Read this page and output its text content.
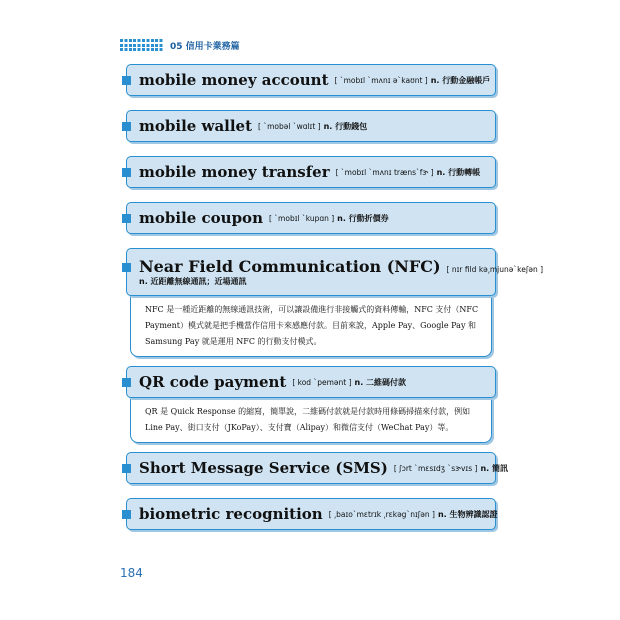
05 信用卡業務篇
mobile money account [ ˋmobɪl ˋmʌnɪ əˋkaʊnt ] n. 行動金融帳戶
mobile wallet [ ˋmobəl ˋwɑlɪt ] n. 行動錢包
mobile money transfer [ ˋmobɪl ˋmʌnɪ trænsˋfɝ ] n. 行動轉帳
mobile coupon [ ˋmobɪl ˋkupɑn ] n. 行動折價券
Near Field Communication (NFC) [ nɪr fild kə͵mjunəˋkeʃən ]
n. 近距離無線通訊；近場通訊
NFC 是一種近距離的無線通訊技術，可以讓設備進行非接觸式的資料傳輸，NFC 支付（NFC Payment）模式就是把手機當作信用卡來感應付款。目前來說，Apple Pay、Google Pay 和 Samsung Pay 就是運用 NFC 的行動支付模式。
QR code payment [ kod ˋpemənt ] n. 二維碼付款
QR 是 Quick Response 的縮寫，簡單說，二維碼付款就是付款時用條碼掃描來付款，例如 Line Pay、街口支付（JKoPay）、支付寶（Alipay）和微信支付（WeChat Pay）等。
Short Message Service (SMS) [ ʃɔrt ˋmɛsɪdʒ ˋsɝvɪs ] n. 簡訊
biometric recognition [ ͵baɪoˋmɛtrɪk ͵rɛkəgˋnɪʃən ] n. 生物辨識認證
184
